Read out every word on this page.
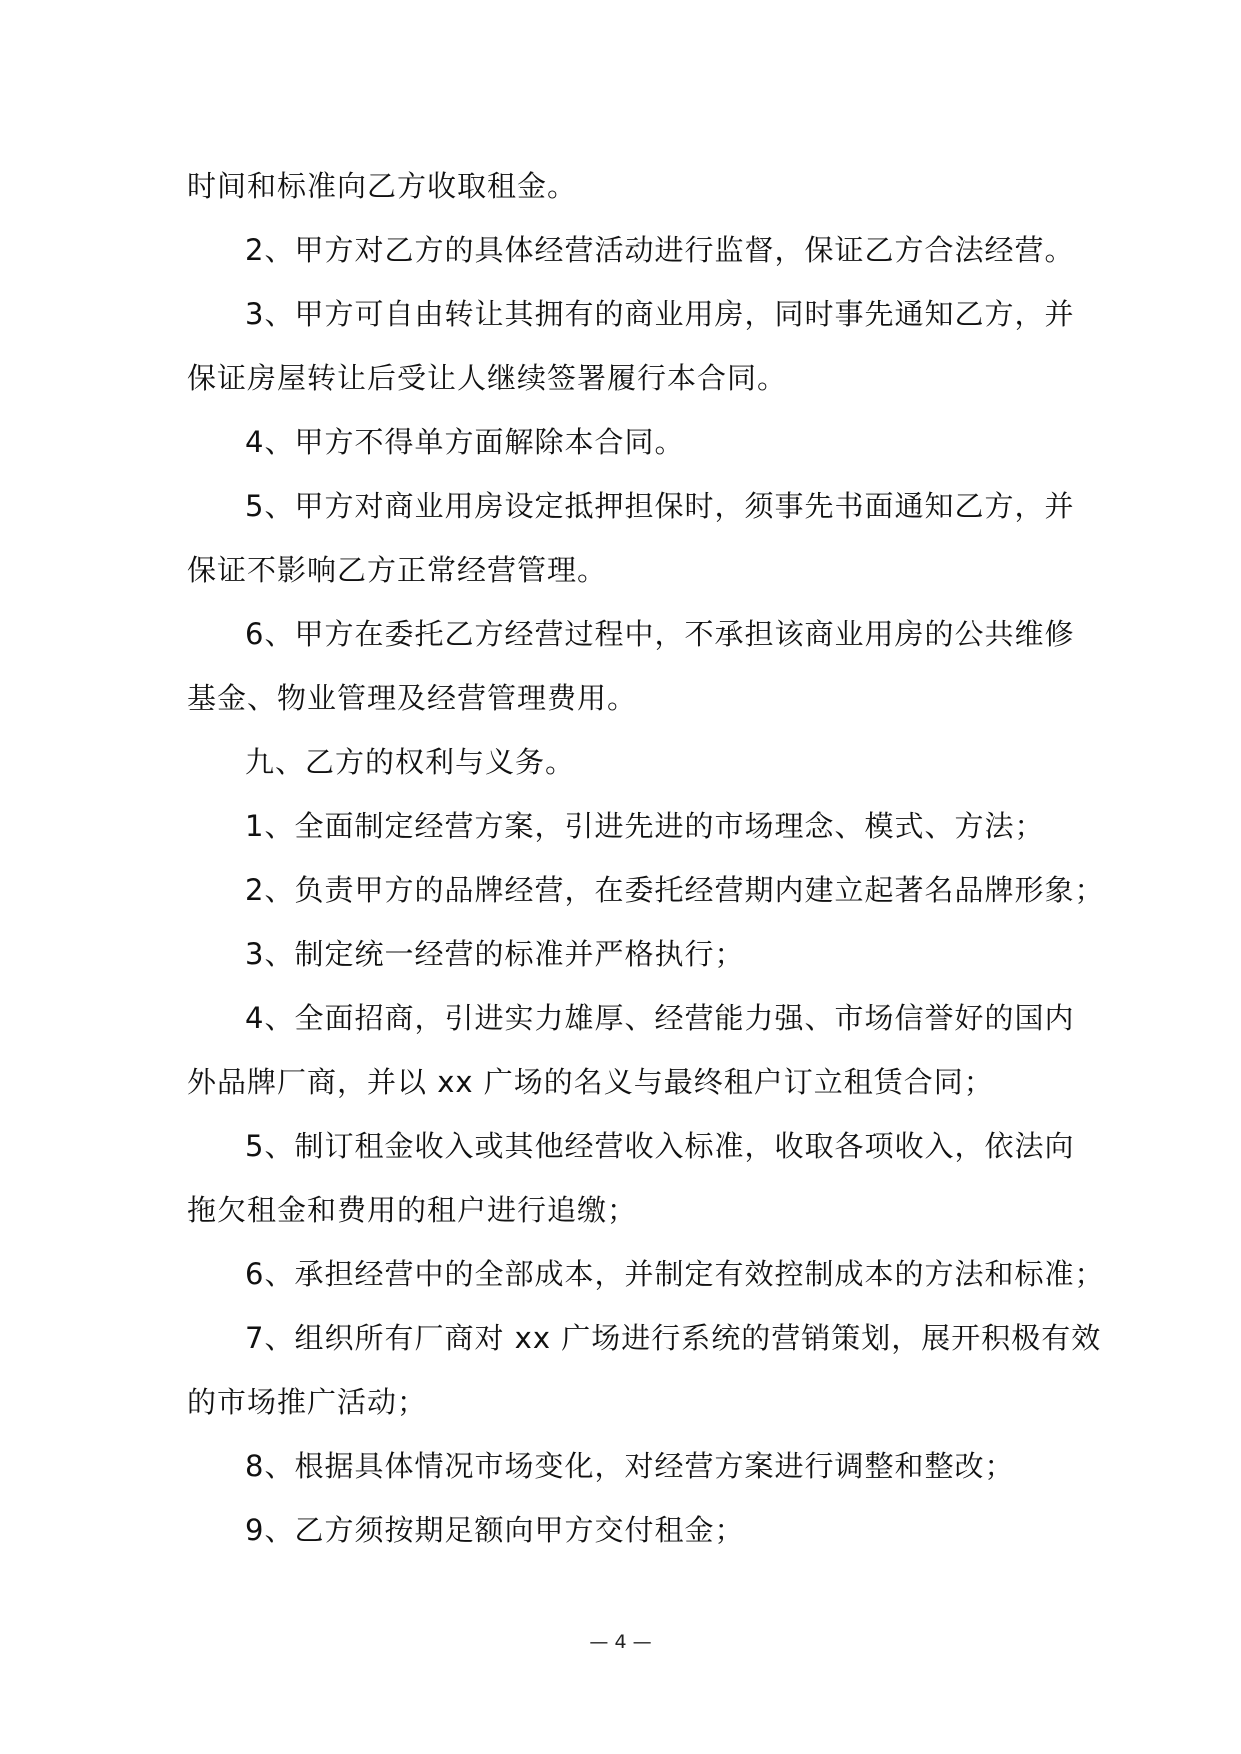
时间和标准向乙方收取租金。
2、甲方对乙方的具体经营活动进行监督，保证乙方合法经营。
3、甲方可自由转让其拥有的商业用房，同时事先通知乙方，并
保证房屋转让后受让人继续签署履行本合同。
4、甲方不得单方面解除本合同。
5、甲方对商业用房设定抵押担保时，须事先书面通知乙方，并
保证不影响乙方正常经营管理。
6、甲方在委托乙方经营过程中，不承担该商业用房的公共维修
基金、物业管理及经营管理费用。
九、乙方的权利与义务。
1、全面制定经营方案，引进先进的市场理念、模式、方法；
2、负责甲方的品牌经营，在委托经营期内建立起著名品牌形象；
3、制定统一经营的标准并严格执行；
4、全面招商，引进实力雄厚、经营能力强、市场信誉好的国内
外品牌厂商，并以 xx 广场的名义与最终租户订立租赁合同；
5、制订租金收入或其他经营收入标准，收取各项收入，依法向
拖欠租金和费用的租户进行追缴；
6、承担经营中的全部成本，并制定有效控制成本的方法和标准；
7、组织所有厂商对 xx 广场进行系统的营销策划，展开积极有效
的市场推广活动；
8、根据具体情况市场变化，对经营方案进行调整和整改；
9、乙方须按期足额向甲方交付租金；
— 4 —
